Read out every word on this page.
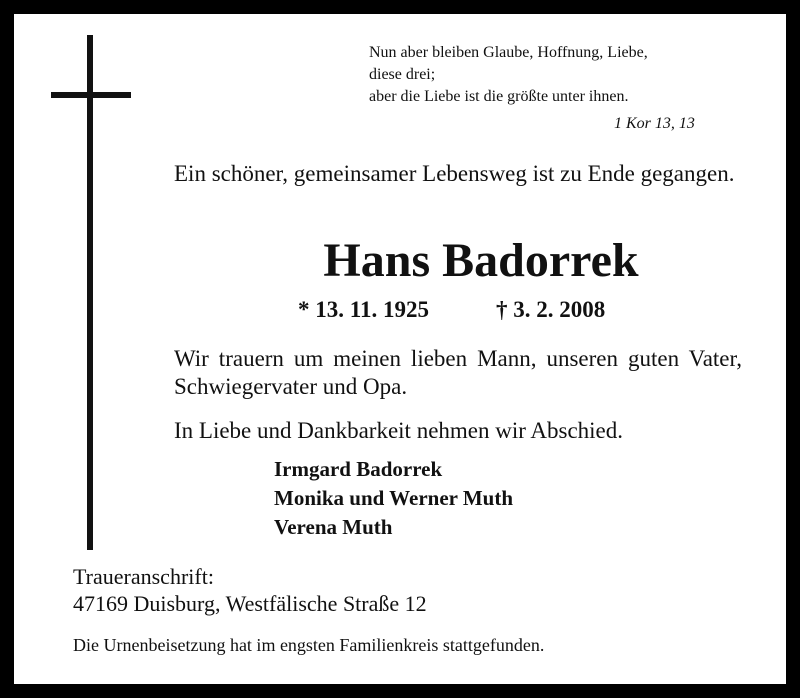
Nun aber bleiben Glaube, Hoffnung, Liebe,
diese drei;
aber die Liebe ist die größte unter ihnen.
1 Kor 13, 13
Ein schöner, gemeinsamer Lebensweg ist zu Ende gegangen.
Hans Badorrek
* 13. 11. 1925	† 3. 2. 2008
Wir trauern um meinen lieben Mann, unseren guten Vater, Schwiegervater und Opa.
In Liebe und Dankbarkeit nehmen wir Abschied.
Irmgard Badorrek
Monika und Werner Muth
Verena Muth
Traueranschrift:
47169 Duisburg, Westfälische Straße 12
Die Urnenbeisetzung hat im engsten Familienkreis stattgefunden.
